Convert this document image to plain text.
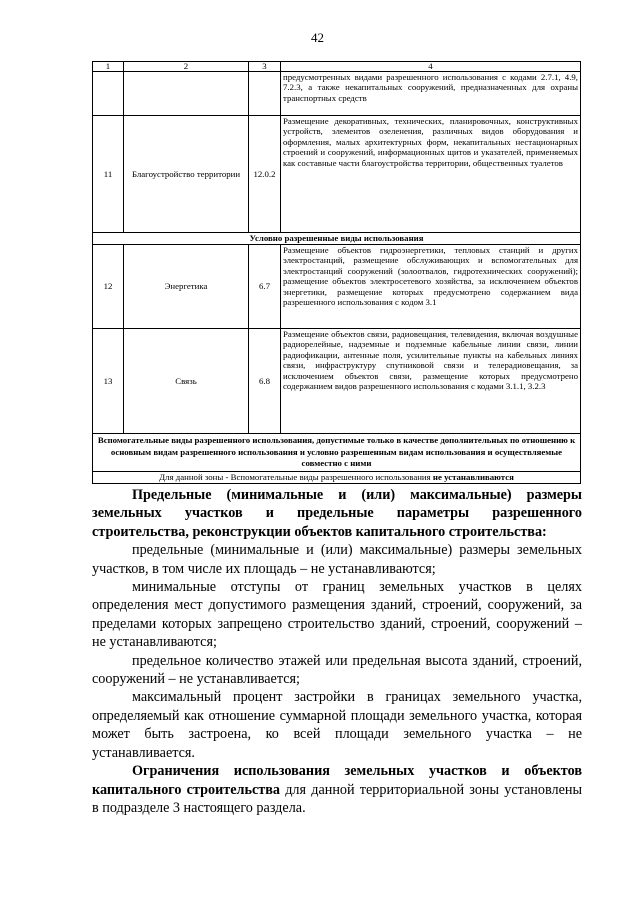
42
1	2	3	4
			предусмотренных видами разрешенного использования с кодами 2.7.1, 4.9, 7.2.3, а также некапитальных сооружений, предназначенных для охраны транспортных средств
11	Благоустройство территории	12.0.2	Размещение декоративных, технических, планировочных, конструктивных устройств, элементов озеленения, различных видов оборудования и оформления, малых архитектурных форм, некапитальных нестационарных строений и сооружений, информационных щитов и указателей, применяемых как составные части благоустройства территории, общественных туалетов
Условно разрешенные виды использования			
12	Энергетика	6.7	Размещение объектов гидроэнергетики, тепловых станций и других электростанций, размещение обслуживающих и вспомогательных для электростанций сооружений (золоотвалов, гидротехнических сооружений); размещение объектов электросетевого хозяйства, за исключением объектов энергетики, размещение которых предусмотрено содержанием вида разрешенного использования с кодом 3.1
13	Связь	6.8	Размещение объектов связи, радиовещания, телевидения, включая воздушные радиорелейные, надземные и подземные кабельные линии связи, линии радиофикации, антенные поля, усилительные пункты на кабельных линиях связи, инфраструктуру спутниковой связи и телерадиовещания, за исключением объектов связи, размещение которых предусмотрено содержанием видов разрешенного использования с кодами 3.1.1, 3.2.3
Вспомогательные виды разрешенного использования, допустимые только в качестве дополнительных по отношению к основным видам разрешенного использования и условно разрешенным видам использования и осуществляемые совместно с ними			
Для данной зоны - Вспомогательные виды разрешенного использования не устанавливаются			

Предельные (минимальные и (или) максимальные) размеры земельных участков и предельные параметры разрешенного строительства, реконструкции объектов капитального строительства:

предельные (минимальные и (или) максимальные) размеры земельных участков, в том числе их площадь – не устанавливаются;

минимальные отступы от границ земельных участков в целях определения мест допустимого размещения зданий, строений, сооружений, за пределами которых запрещено строительство зданий, строений, сооружений – не устанавливаются;

предельное количество этажей или предельная высота зданий, строений, сооружений – не устанавливается;

максимальный процент застройки в границах земельного участка, определяемый как отношение суммарной площади земельного участка, которая может быть застроена, ко всей площади земельного участка – не устанавливается.

Ограничения использования земельных участков и объектов капитального строительства для данной территориальной зоны установлены в подразделе 3 настоящего раздела.
